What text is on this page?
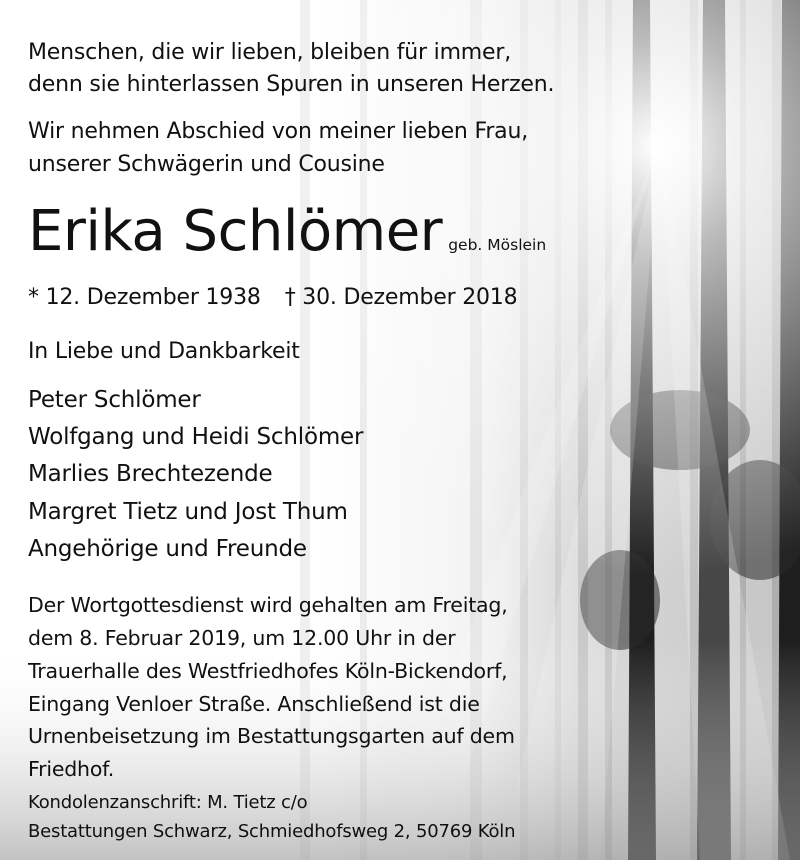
Menschen, die wir lieben, bleiben für immer,
denn sie hinterlassen Spuren in unseren Herzen.
Wir nehmen Abschied von meiner lieben Frau,
unserer Schwägerin und Cousine
Erika Schlömer geb. Möslein
* 12. Dezember 1938 † 30. Dezember 2018
In Liebe und Dankbarkeit
Peter Schlömer
Wolfgang und Heidi Schlömer
Marlies Brechtezende
Margret Tietz und Jost Thum
Angehörige und Freunde
Der Wortgottesdienst wird gehalten am Freitag,
dem 8. Februar 2019, um 12.00 Uhr in der
Trauerhalle des Westfriedhofes Köln-Bickendorf,
Eingang Venloer Straße. Anschließend ist die
Urnenbeisetzung im Bestattungsgarten auf dem
Friedhof.
Kondolenzanschrift: M. Tietz c/o
Bestattungen Schwarz, Schmiedhofsweg 2, 50769 Köln
